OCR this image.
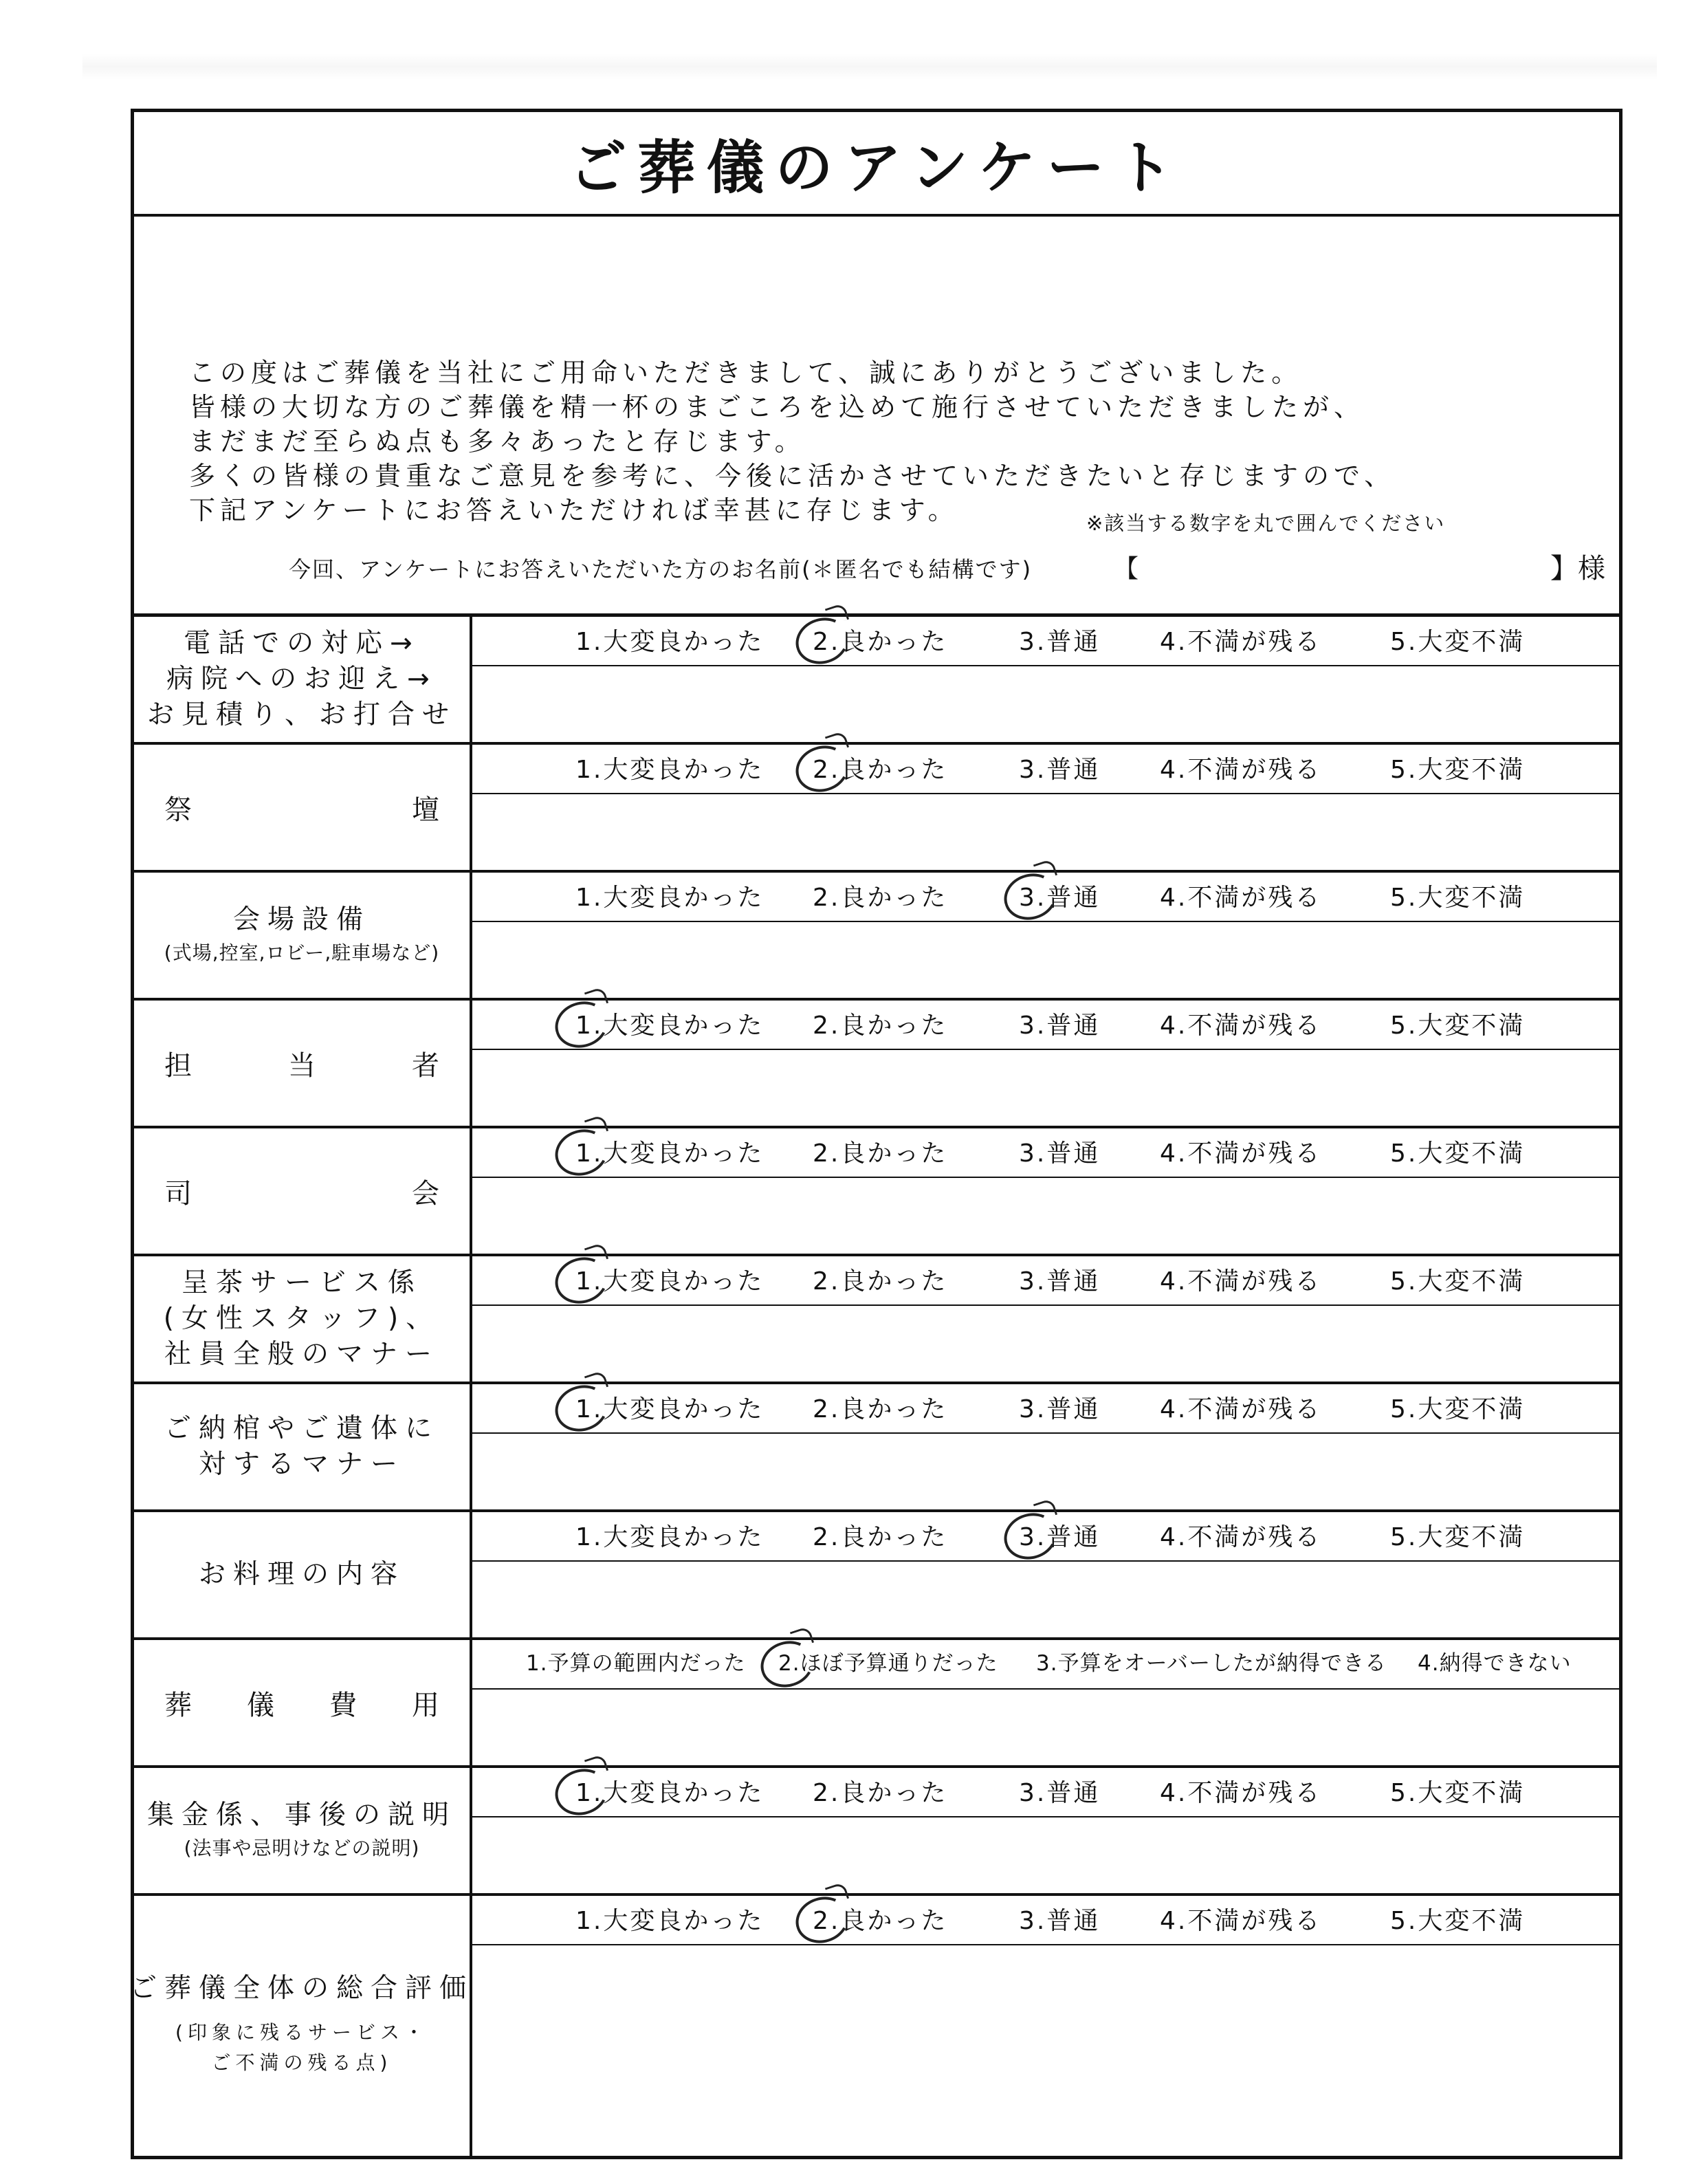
ご葬儀のアンケート
この度はご葬儀を当社にご用命いただきまして、誠にありがとうございました。
皆様の大切な方のご葬儀を精一杯のまごころを込めて施行させていただきましたが、
まだまだ至らぬ点も多々あったと存じます。
多くの皆様の貴重なご意見を参考に、今後に活かさせていただきたいと存じますので、
下記アンケートにお答えいただければ幸甚に存じます。	※該当する数字を丸で囲んでください
今回、アンケートにお答えいただいた方のお名前(＊匿名でも結構です)	【	】様
電話での対応→
病院へのお迎え→
お見積り、お打合せ
1.大変良かった 2.良かった	3.普通 4.不満が残る	5.大変不満
祭	壇
1.大変良かった 2.良かった	3.普通 4.不満が残る	5.大変不満
会場設備
(式場,控室,ロビー,駐車場など)
1.大変良かった 2.良かった	3.普通 4.不満が残る	5.大変不満
担	当	者
1.大変良かった 2.良かった	3.普通 4.不満が残る	5.大変不満
司	会
1.大変良かった 2.良かった	3.普通 4.不満が残る	5.大変不満
呈茶サービス係
(女性スタッフ)、
社員全般のマナー
1.大変良かった 2.良かった	3.普通 4.不満が残る	5.大変不満
ご納棺やご遺体に
対するマナー
1.大変良かった 2.良かった	3.普通 4.不満が残る	5.大変不満
お料理の内容
1.大変良かった 2.良かった	3.普通 4.不満が残る	5.大変不満
葬 儀 費 用
1.予算の範囲内だった 2.ほぼ予算通りだった 3.予算をオーバーしたが納得できる 4.納得できない
集金係、事後の説明
(法事や忌明けなどの説明)
1.大変良かった 2.良かった	3.普通 4.不満が残る	5.大変不満
ご葬儀全体の総合評価
(印象に残るサービス・
ご不満の残る点)
1.大変良かった 2.良かった	3.普通 4.不満が残る	5.大変不満
